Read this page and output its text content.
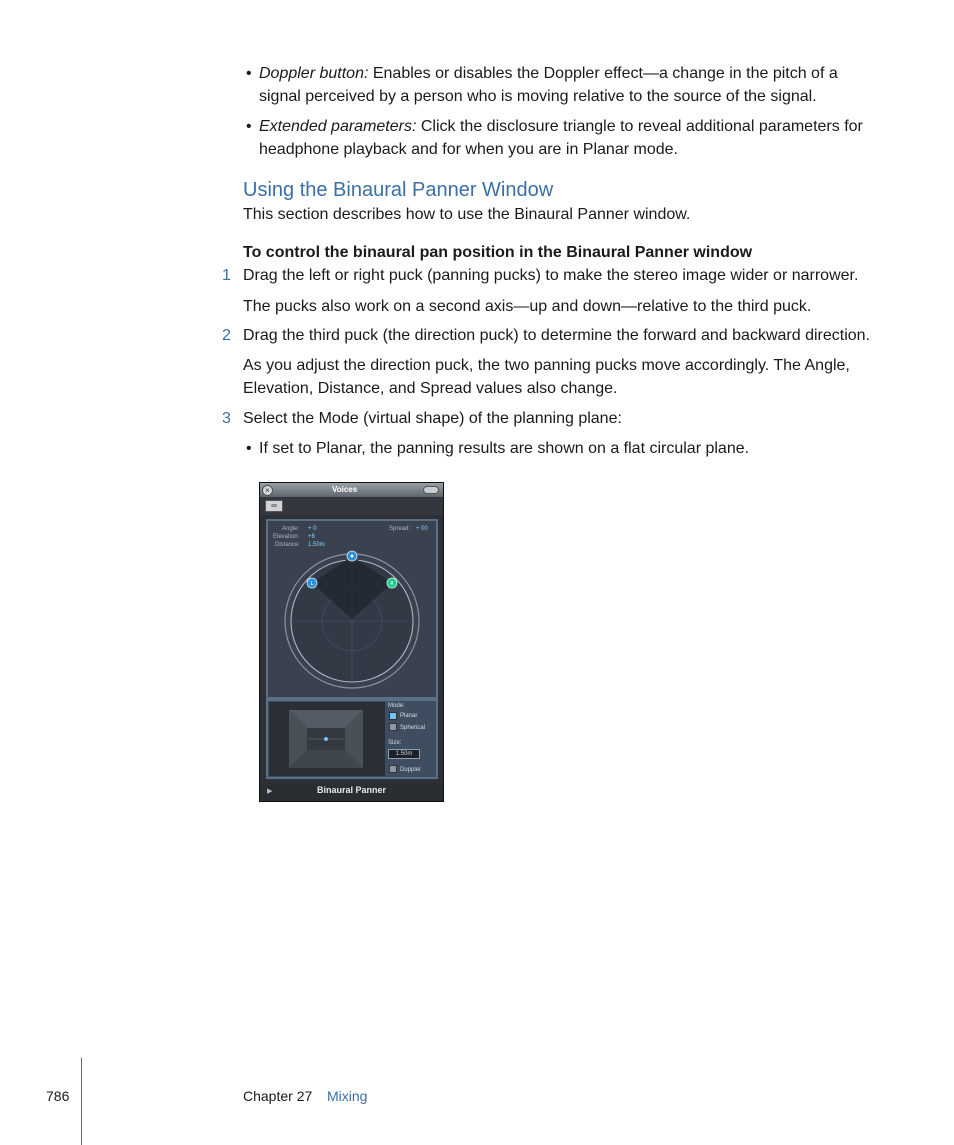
• Doppler button: Enables or disables the Doppler effect—a change in the pitch of a
signal perceived by a person who is moving relative to the source of the signal.
• Extended parameters: Click the disclosure triangle to reveal additional parameters for
headphone playback and for when you are in Planar mode.
Using the Binaural Panner Window
This section describes how to use the Binaural Panner window.
To control the binaural pan position in the Binaural Panner window
1 Drag the left or right puck (panning pucks) to make the stereo image wider or narrower.
The pucks also work on a second axis—up and down—relative to the third puck.
2 Drag the third puck (the direction puck) to determine the forward and backward direction.
As you adjust the direction puck, the two panning pucks move accordingly. The Angle,
Elevation, Distance, and Spread values also change.
3 Select the Mode (virtual shape) of the planning plane:
• If set to Planar, the panning results are shown on a flat circular plane.
×	Voices
∞
Angle: + 0
Elevation: +8
Distance: 1.50m
Spread: + 00
L	R
Mode:
Planar
Spherical
Size:
1.50m
Doppler
▶	Binaural Panner
786	Chapter 27 Mixing
